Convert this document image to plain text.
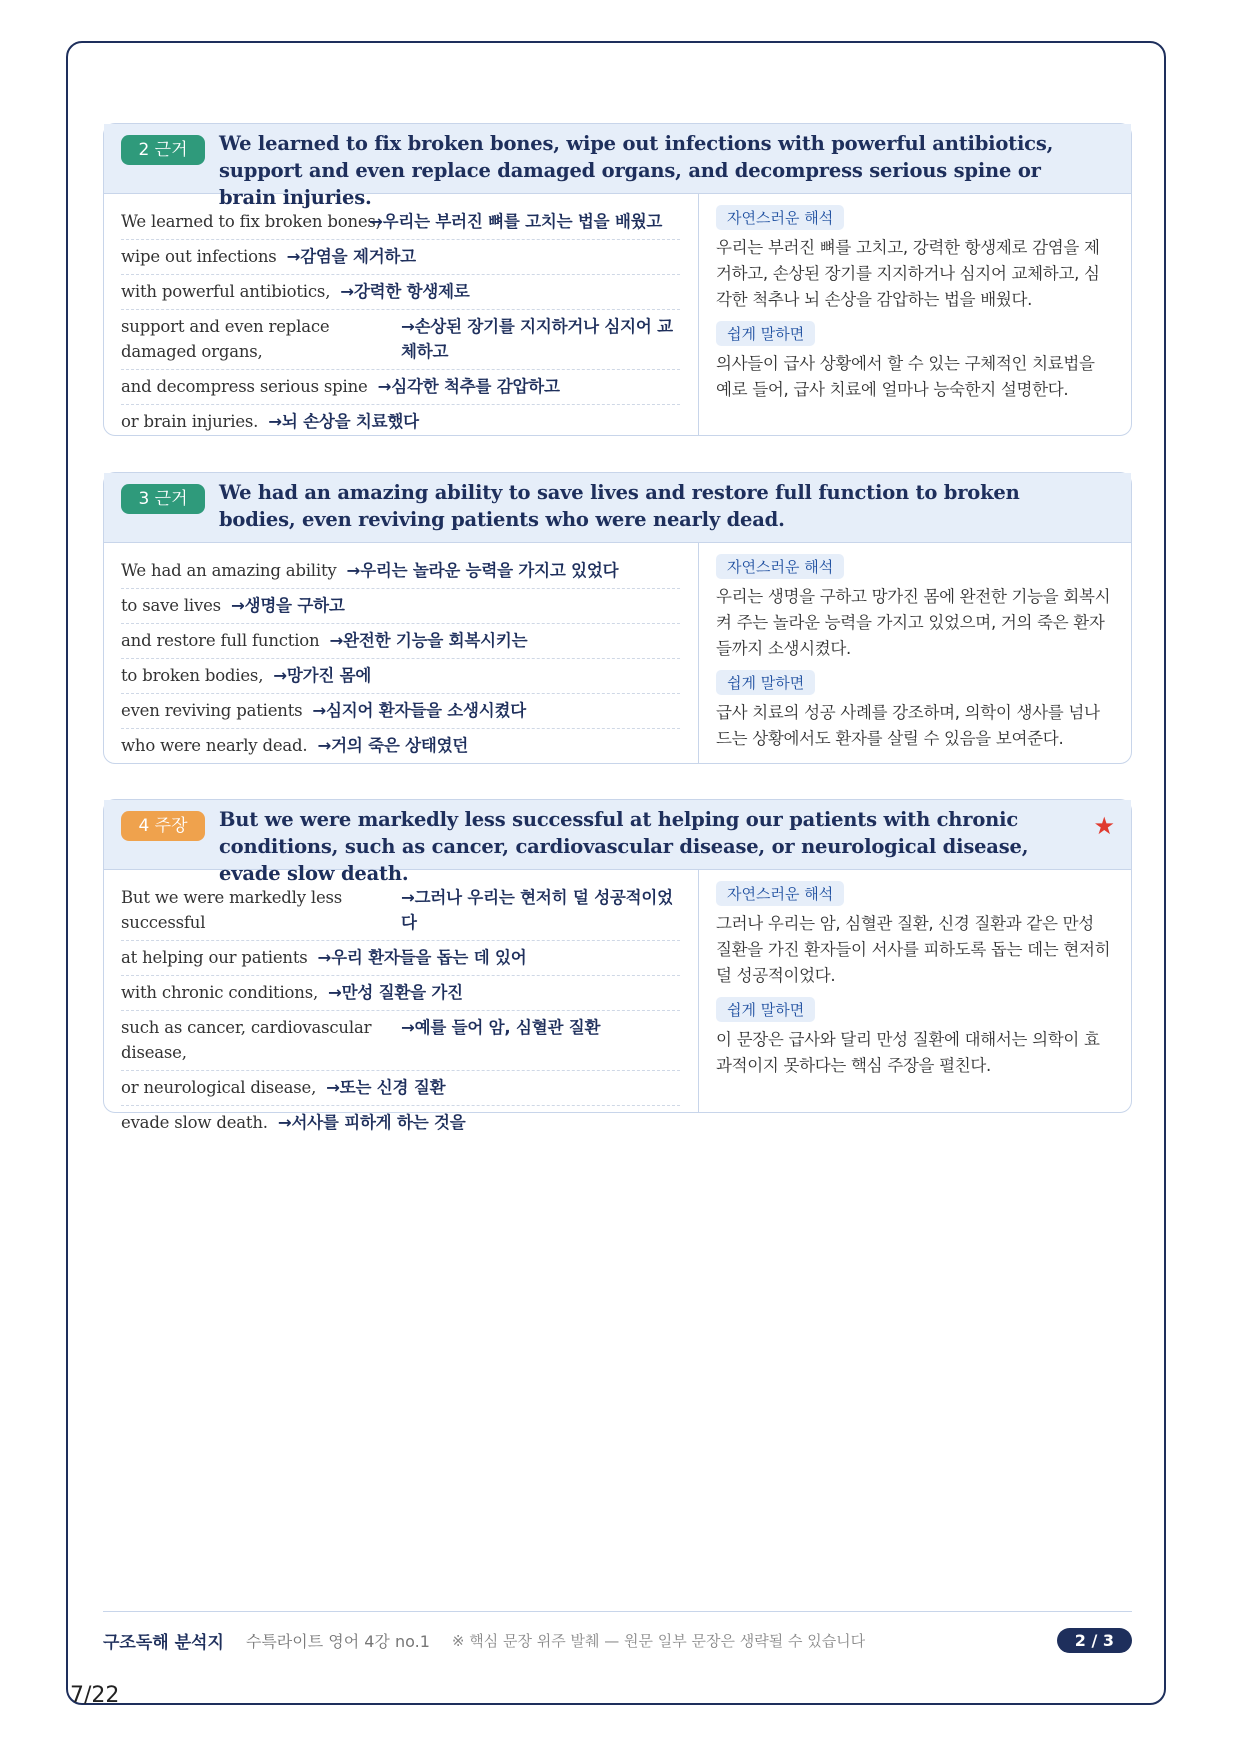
2 근거	We learned to fix broken bones, wipe out infections with powerful antibiotics, support and even replace damaged organs, and decompress serious spine or brain injuries.
We learned to fix broken bones,
→우리는 부러진 뼈를 고치는 법을 배웠고
wipe out infections →감염을 제거하고
with powerful antibiotics, →강력한 항생제로
support and even replace damaged organs,
→손상된 장기를 지지하거나 심지어 교체하고
and decompress serious spine →심각한 척추를 감압하고
or brain injuries. →뇌 손상을 치료했다
자연스러운 해석
우리는 부러진 뼈를 고치고, 강력한 항생제로 감염을 제거하고, 손상된 장기를 지지하거나 심지어 교체하고, 심각한 척추나 뇌 손상을 감압하는 법을 배웠다.
쉽게 말하면
의사들이 급사 상황에서 할 수 있는 구체적인 치료법을 예로 들어, 급사 치료에 얼마나 능숙한지 설명한다.
3 근거	We had an amazing ability to save lives and restore full function to broken bodies, even reviving patients who were nearly dead.
We had an amazing ability →우리는 놀라운 능력을 가지고 있었다
to save lives →생명을 구하고
and restore full function →완전한 기능을 회복시키는
to broken bodies, →망가진 몸에
even reviving patients →심지어 환자들을 소생시켰다
who were nearly dead. →거의 죽은 상태였던
자연스러운 해석
우리는 생명을 구하고 망가진 몸에 완전한 기능을 회복시켜 주는 놀라운 능력을 가지고 있었으며, 거의 죽은 환자들까지 소생시켰다.
쉽게 말하면
급사 치료의 성공 사례를 강조하며, 의학이 생사를 넘나드는 상황에서도 환자를 살릴 수 있음을 보여준다.
4 주장	But we were markedly less successful at helping our patients with chronic conditions, such as cancer, cardiovascular disease, or neurological disease, evade slow death.
★
But we were markedly less successful
→그러나 우리는 현저히 덜 성공적이었다
at helping our patients →우리 환자들을 돕는 데 있어
with chronic conditions, →만성 질환을 가진
such as cancer, cardiovascular disease,
→예를 들어 암, 심혈관 질환
or neurological disease, →또는 신경 질환
evade slow death. →서사를 피하게 하는 것을
자연스러운 해석
그러나 우리는 암, 심혈관 질환, 신경 질환과 같은 만성 질환을 가진 환자들이 서사를 피하도록 돕는 데는 현저히 덜 성공적이었다.
쉽게 말하면
이 문장은 급사와 달리 만성 질환에 대해서는 의학이 효과적이지 못하다는 핵심 주장을 펼친다.
구조독해 분석지 수특라이트 영어 4강 no.1 ※ 핵심 문장 위주 발췌 — 원문 일부 문장은 생략될 수 있습니다	2 / 3
7/22
